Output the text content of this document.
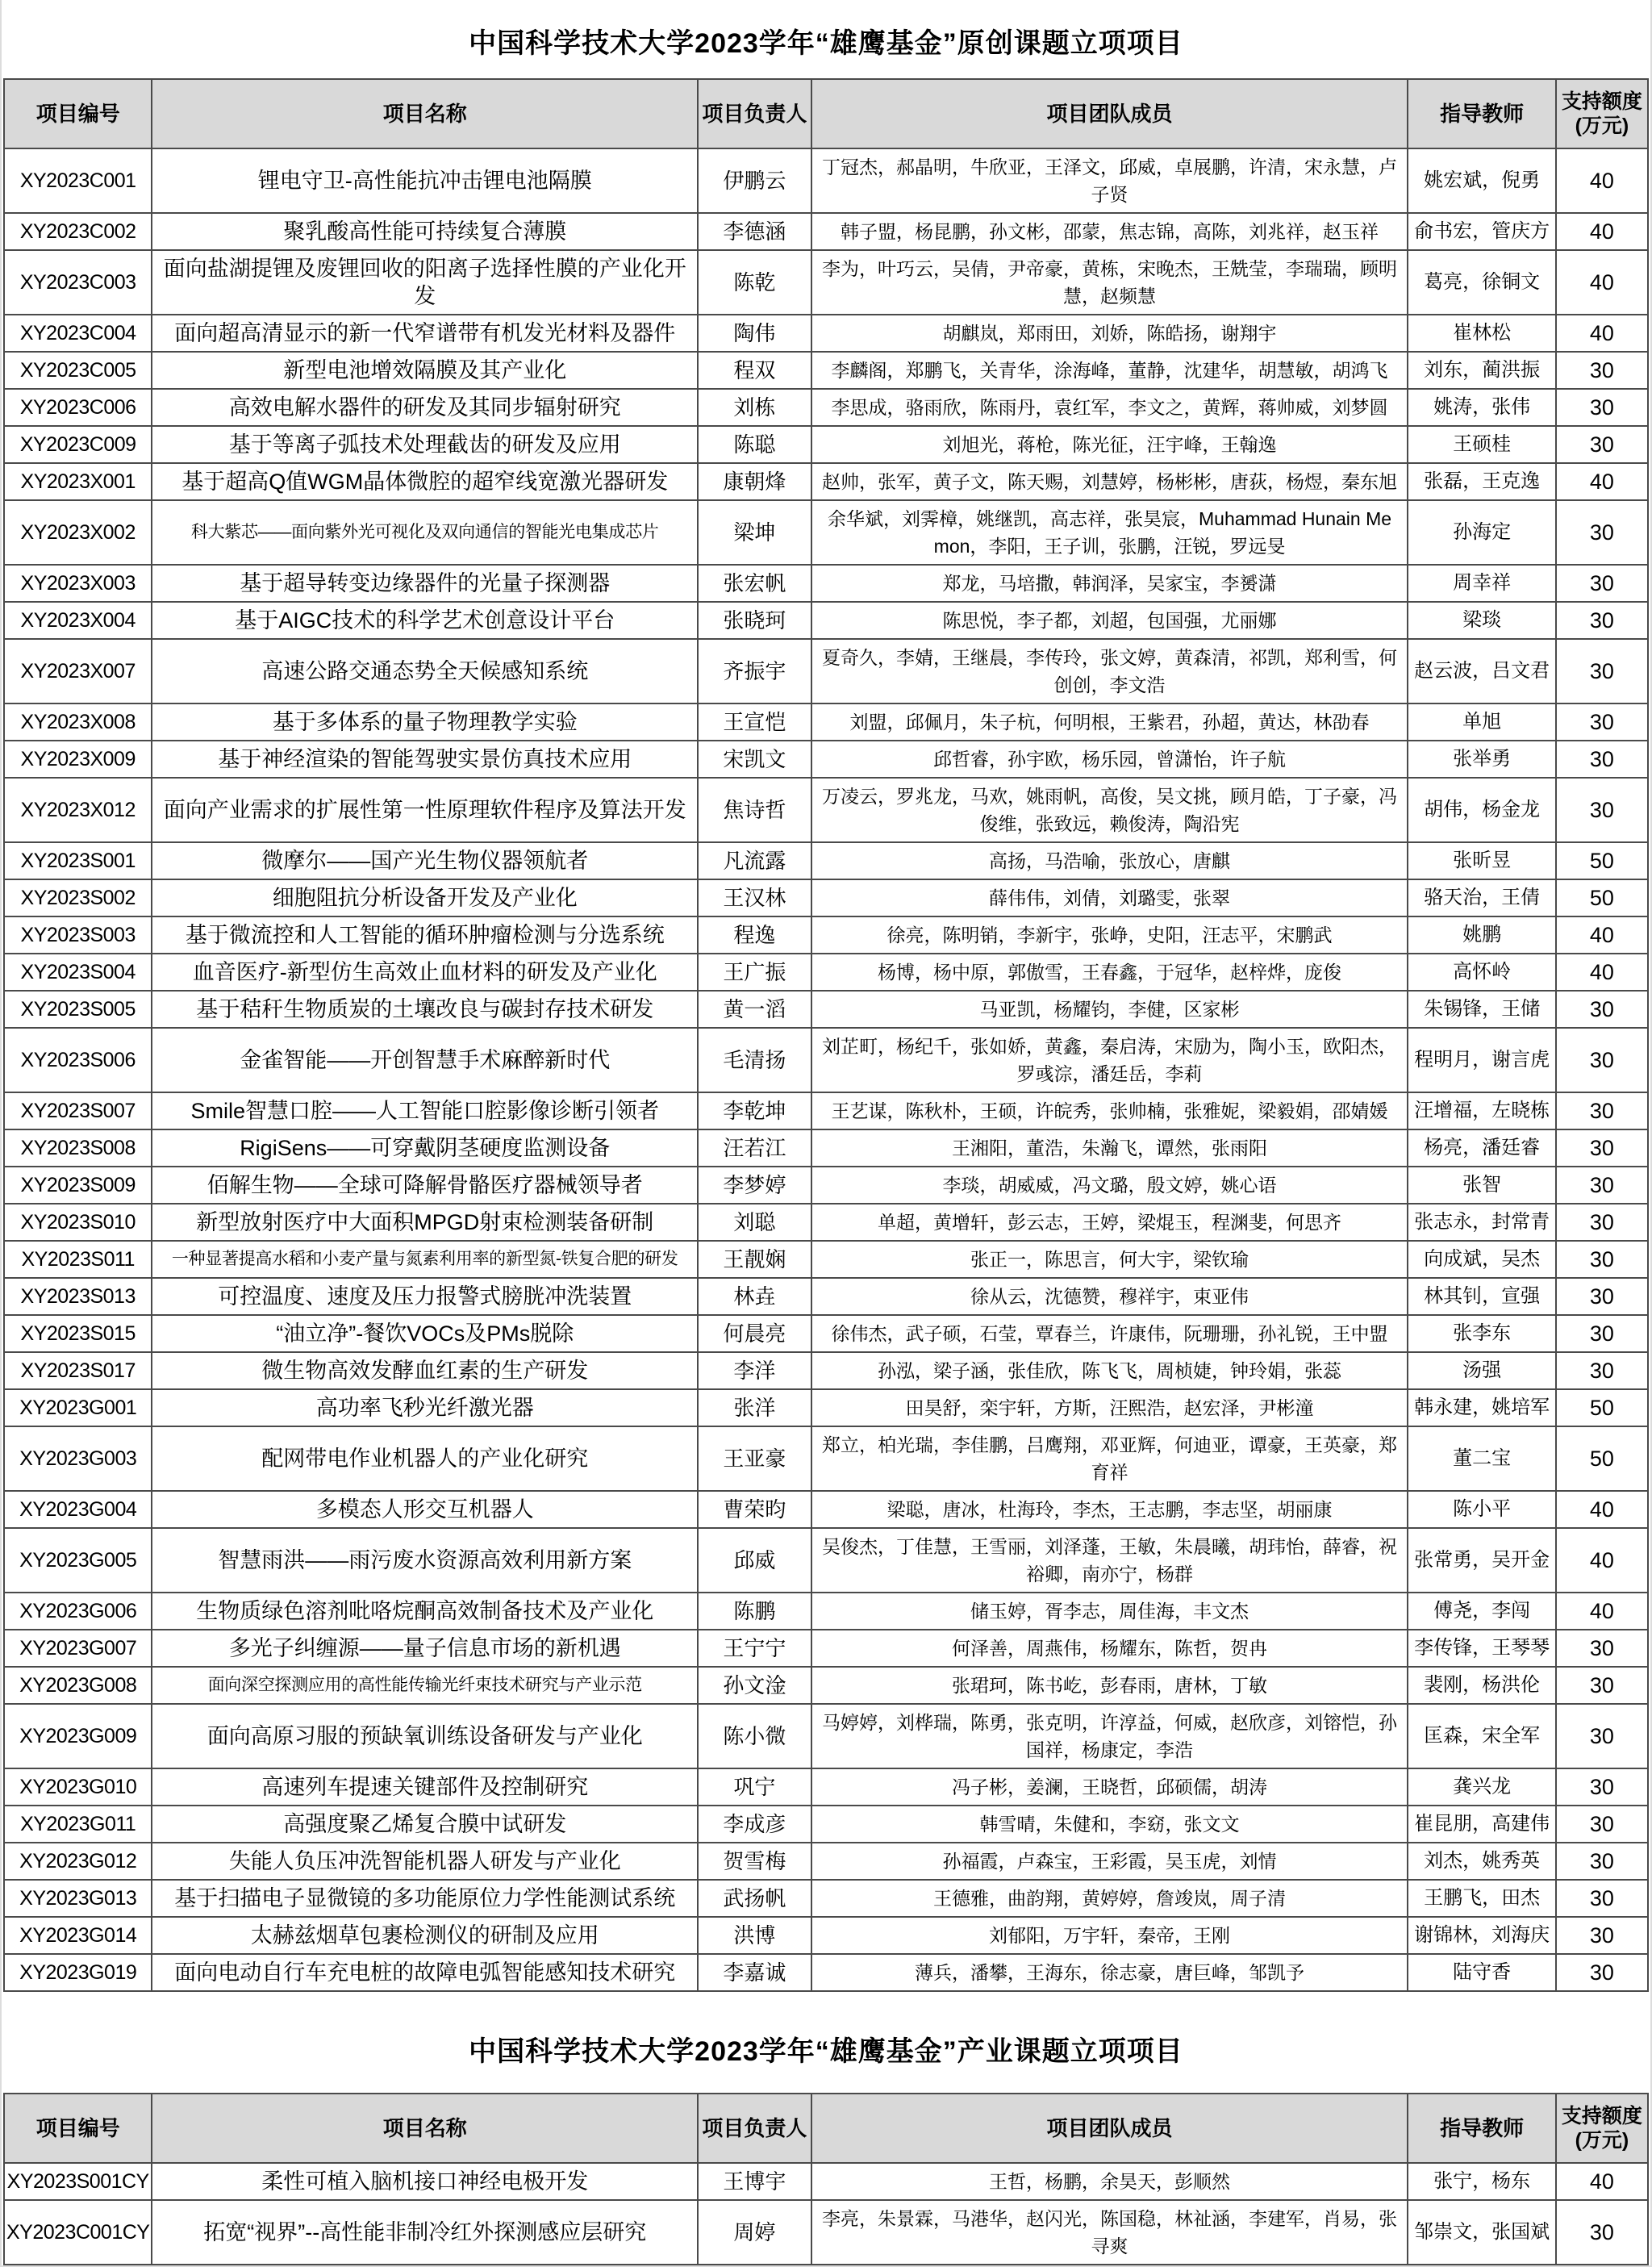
中国科学技术大学2023学年“雄鹰基金”原创课题立项项目
项目编号	项目名称	项目负责人	项目团队成员	指导教师	支持额度
(万元)

XY2023C001	锂电守卫-高性能抗冲击锂电池隔膜	伊鹏云	丁冠杰，郝晶明，牛欣亚，王泽文，邱威，卓展鹏，许清，宋永慧，卢子贤	姚宏斌，倪勇	40
XY2023C002	聚乳酸高性能可持续复合薄膜	李德涵	韩子盟，杨昆鹏，孙文彬，邵蒙，焦志锦，高陈，刘兆祥，赵玉祥	俞书宏，管庆方	40
XY2023C003	面向盐湖提锂及废锂回收的阳离子选择性膜的产业化开发	陈乾	李为，叶巧云，吴倩，尹帝豪，黄栋，宋晚杰，王兟莹，李瑞瑞，顾明慧，赵频慧	葛亮，徐铜文	40
XY2023C004	面向超高清显示的新一代窄谱带有机发光材料及器件	陶伟	胡麒岚，郑雨田，刘娇，陈皓扬，谢翔宇	崔林松	40
XY2023C005	新型电池增效隔膜及其产业化	程双	李麟阁，郑鹏飞，关青华，涂海峰，董静，沈建华，胡慧敏，胡鸿飞	刘东，蔺洪振	30
XY2023C006	高效电解水器件的研发及其同步辐射研究	刘栋	李思成，骆雨欣，陈雨丹，袁红军，李文之，黄辉，蒋帅威，刘梦圆	姚涛，张伟	30
XY2023C009	基于等离子弧技术处理截齿的研发及应用	陈聪	刘旭光，蒋枪，陈光征，汪宇峰，王翰逸	王硕桂	30
XY2023X001	基于超高Q值WGM晶体微腔的超窄线宽激光器研发	康朝烽	赵帅，张军，黄子文，陈天赐，刘慧婷，杨彬彬，唐荻，杨煜，秦东旭	张磊，王克逸	40
XY2023X002	科大紫芯——面向紫外光可视化及双向通信的智能光电集成芯片	梁坤	余华斌，刘霁樟，姚继凯，高志祥，张昊宸，Muhammad Hunain Memon，李阳，王子训，张鹏，汪锐，罗远旻	孙海定	30
XY2023X003	基于超导转变边缘器件的光量子探测器	张宏帆	郑龙，马培撒，韩润泽，吴家宝，李赟潇	周幸祥	30
XY2023X004	基于AIGC技术的科学艺术创意设计平台	张晓珂	陈思悦，李子都，刘超，包国强，尤丽娜	梁琰	30
XY2023X007	高速公路交通态势全天候感知系统	齐振宇	夏奇久，李婧，王继晨，李传玲，张文婷，黄森清，祁凯，郑利雪，何创创，李文浩	赵云波，吕文君	30
XY2023X008	基于多体系的量子物理教学实验	王宣恺	刘盟，邱佩月，朱子杭，何明根，王紫君，孙超，黄达，林劭春	单旭	30
XY2023X009	基于神经渲染的智能驾驶实景仿真技术应用	宋凯文	邱哲睿，孙宇欧，杨乐园，曾潇怡，许子航	张举勇	30
XY2023X012	面向产业需求的扩展性第一性原理软件程序及算法开发	焦诗哲	万凌云，罗兆龙，马欢，姚雨帆，高俊，吴文挑，顾月皓，丁子豪，冯俊维，张致远，赖俊涛，陶沿宪	胡伟，杨金龙	30
XY2023S001	微摩尔——国产光生物仪器领航者	凡流露	高扬，马浩喻，张放心，唐麒	张昕昱	50
XY2023S002	细胞阻抗分析设备开发及产业化	王汉林	薛伟伟，刘倩，刘璐雯，张翠	骆天治，王倩	50
XY2023S003	基于微流控和人工智能的循环肿瘤检测与分选系统	程逸	徐亮，陈明销，李新宇，张峥，史阳，汪志平，宋鹏武	姚鹏	40
XY2023S004	血音医疗-新型仿生高效止血材料的研发及产业化	王广振	杨博，杨中原，郭傲雪，王春鑫，于冠华，赵梓烨，庞俊	高怀岭	40
XY2023S005	基于秸秆生物质炭的土壤改良与碳封存技术研发	黄一滔	马亚凯，杨耀钧，李健，区家彬	朱锡锋，王储	30
XY2023S006	金雀智能——开创智慧手术麻醉新时代	毛清扬	刘芷町，杨纪千，张如娇，黄鑫，秦启涛，宋励为，陶小玉，欧阳杰，罗彧淙，潘廷岳，李莉	程明月，谢言虎	30
XY2023S007	Smile智慧口腔——人工智能口腔影像诊断引领者	李乾坤	王艺谋，陈秋朴，王硕，许皖秀，张帅楠，张雅妮，梁毅娟，邵婧媛	汪增福，左晓栋	30
XY2023S008	RigiSens——可穿戴阴茎硬度监测设备	汪若江	王湘阳，董浩，朱瀚飞，谭然，张雨阳	杨亮，潘廷睿	30
XY2023S009	佰解生物——全球可降解骨骼医疗器械领导者	李梦婷	李琰，胡威威，冯文璐，殷文婷，姚心语	张智	30
XY2023S010	新型放射医疗中大面积MPGD射束检测装备研制	刘聪	单超，黄增轩，彭云志，王婷，梁焜玉，程渊斐，何思齐	张志永，封常青	30
XY2023S011	一种显著提高水稻和小麦产量与氮素利用率的新型氮-铁复合肥的研发	王靓娴	张正一，陈思言，何大宇，梁钦瑜	向成斌，吴杰	30
XY2023S013	可控温度、速度及压力报警式膀胱冲洗装置	林垚	徐从云，沈德赞，穆祥宇，束亚伟	林其钊，宣强	30
XY2023S015	“油立净”-餐饮VOCs及PMs脱除	何晨亮	徐伟杰，武子硕，石莹，覃春兰，许康伟，阮珊珊，孙礼锐，王中盟	张李东	30
XY2023S017	微生物高效发酵血红素的生产研发	李洋	孙泓，梁子涵，张佳欣，陈飞飞，周桢婕，钟玲娟，张蕊	汤强	30
XY2023G001	高功率飞秒光纤激光器	张洋	田昊舒，栾宇轩，方斯，汪熙浩，赵宏泽，尹彬潼	韩永建，姚培军	50
XY2023G003	配网带电作业机器人的产业化研究	王亚豪	郑立，柏光瑞，李佳鹏，吕鹰翔，邓亚辉，何迪亚，谭豪，王英豪，郑育祥	董二宝	50
XY2023G004	多模态人形交互机器人	曹荣昀	梁聪，唐冰，杜海玲，李杰，王志鹏，李志坚，胡丽康	陈小平	40
XY2023G005	智慧雨洪——雨污废水资源高效利用新方案	邱威	吴俊杰，丁佳慧，王雪丽，刘泽蓬，王敏，朱晨曦，胡玮怡，薛睿，祝裕卿，南亦宁，杨群	张常勇，吴开金	40
XY2023G006	生物质绿色溶剂吡咯烷酮高效制备技术及产业化	陈鹏	储玉婷，胥李志，周佳海，丰文杰	傅尧，李闯	40
XY2023G007	多光子纠缠源——量子信息市场的新机遇	王宁宁	何泽善，周燕伟，杨耀东，陈哲，贺冉	李传锋，王琴琴	30
XY2023G008	面向深空探测应用的高性能传输光纤束技术研究与产业示范	孙文淦	张珺珂，陈书屹，彭春雨，唐林，丁敏	裴刚，杨洪伦	30
XY2023G009	面向高原习服的预缺氧训练设备研发与产业化	陈小微	马婷婷，刘桦瑞，陈勇，张克明，许淳益，何威，赵欣彦，刘镕恺，孙国祥，杨康定，李浩	匡森，宋全军	30
XY2023G010	高速列车提速关键部件及控制研究	巩宁	冯子彬，姜澜，王晓哲，邱硕儒，胡涛	龚兴龙	30
XY2023G011	高强度聚乙烯复合膜中试研发	李成彦	韩雪晴，朱健和，李窈，张文文	崔昆朋，高建伟	30
XY2023G012	失能人负压冲洗智能机器人研发与产业化	贺雪梅	孙福霞，卢森宝，王彩霞，吴玉虎，刘情	刘杰，姚秀英	30
XY2023G013	基于扫描电子显微镜的多功能原位力学性能测试系统	武扬帆	王德雅，曲韵翔，黄婷婷，詹竣岚，周子清	王鹏飞，田杰	30
XY2023G014	太赫兹烟草包裹检测仪的研制及应用	洪博	刘郁阳，万宇轩，秦帝，王刚	谢锦林，刘海庆	30
XY2023G019	面向电动自行车充电桩的故障电弧智能感知技术研究	李嘉诚	薄兵，潘攀，王海东，徐志豪，唐巨峰，邹凯予	陆守香	30
中国科学技术大学2023学年“雄鹰基金”产业课题立项项目
项目编号	项目名称	项目负责人	项目团队成员	指导教师	支持额度
(万元)

XY2023S001CY	柔性可植入脑机接口神经电极开发	王博宇	王哲，杨鹏，余昊天，彭顺然	张宁，杨东	40
XY2023C001CY	拓宽“视界”--高性能非制冷红外探测感应层研究	周婷	李亮，朱景霖，马港华，赵闪光，陈国稳，林祉涵，李建军，肖易，张寻爽	邹崇文，张国斌	30
